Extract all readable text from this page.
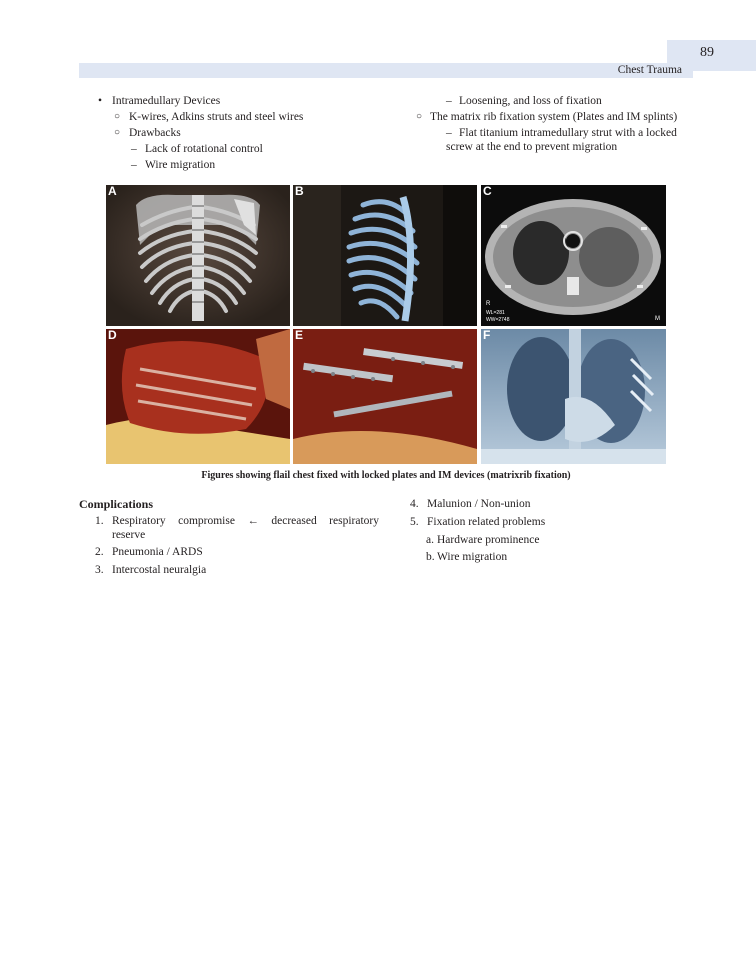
89
Chest Trauma
• Intramedullary Devices
○ K-wires, Adkins struts and steel wires
○ Drawbacks
– Lack of rotational control
– Wire migration
– Loosening, and loss of fixation
○ The matrix rib fixation system (Plates and IM splints)
– Flat titanium intramedullary strut with a locked
screw at the end to prevent migration
A	B	C
R
WL=281
WW=2748	M
D	E	F
Figures showing flail chest fixed with locked plates and IM devices (matrixrib fixation)
Complications
1. Respiratory compromise ← decreased respiratory
reserve
2. Pneumonia / ARDS
3. Intercostal neuralgia
4. Malunion / Non-union
5. Fixation related problems
a. Hardware prominence
b. Wire migration
